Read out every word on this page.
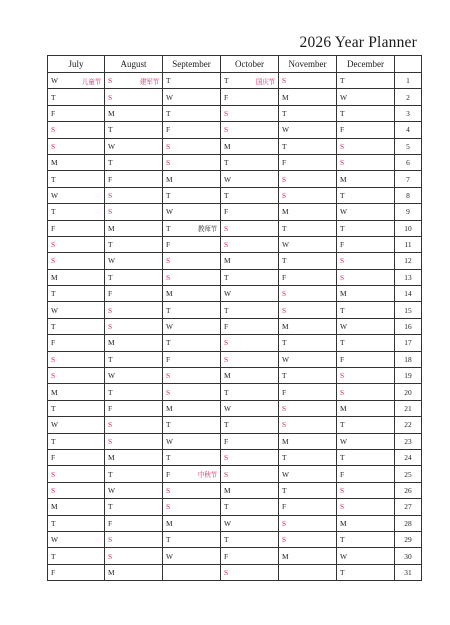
2026 Year Planner
July	August	September	October	November	December	
W 儿童节	S 建军节	T	T 国庆节	S	T	1
T	S	W	F	M	W	2
F	M	T	S	T	T	3
S	T	F	S	W	F	4
S	W	S	M	T	S	5
M	T	S	T	F	S	6
T	F	M	W	S	M	7
W	S	T	T	S	T	8
T	S	W	F	M	W	9
F	M	T 教师节	S	T	T	10
S	T	F	S	W	F	11
S	W	S	M	T	S	12
M	T	S	T	F	S	13
T	F	M	W	S	M	14
W	S	T	T	S	T	15
T	S	W	F	M	W	16
F	M	T	S	T	T	17
S	T	F	S	W	F	18
S	W	S	M	T	S	19
M	T	S	T	F	S	20
T	F	M	W	S	M	21
W	S	T	T	S	T	22
T	S	W	F	M	W	23
F	M	T	S	T	T	24
S	T	F 中秋节	S	W	F	25
S	W	S	M	T	S	26
M	T	S	T	F	S	27
T	F	M	W	S	M	28
W	S	T	T	S	T	29
T	S	W	F	M	W	30
F	M		S		T	31
